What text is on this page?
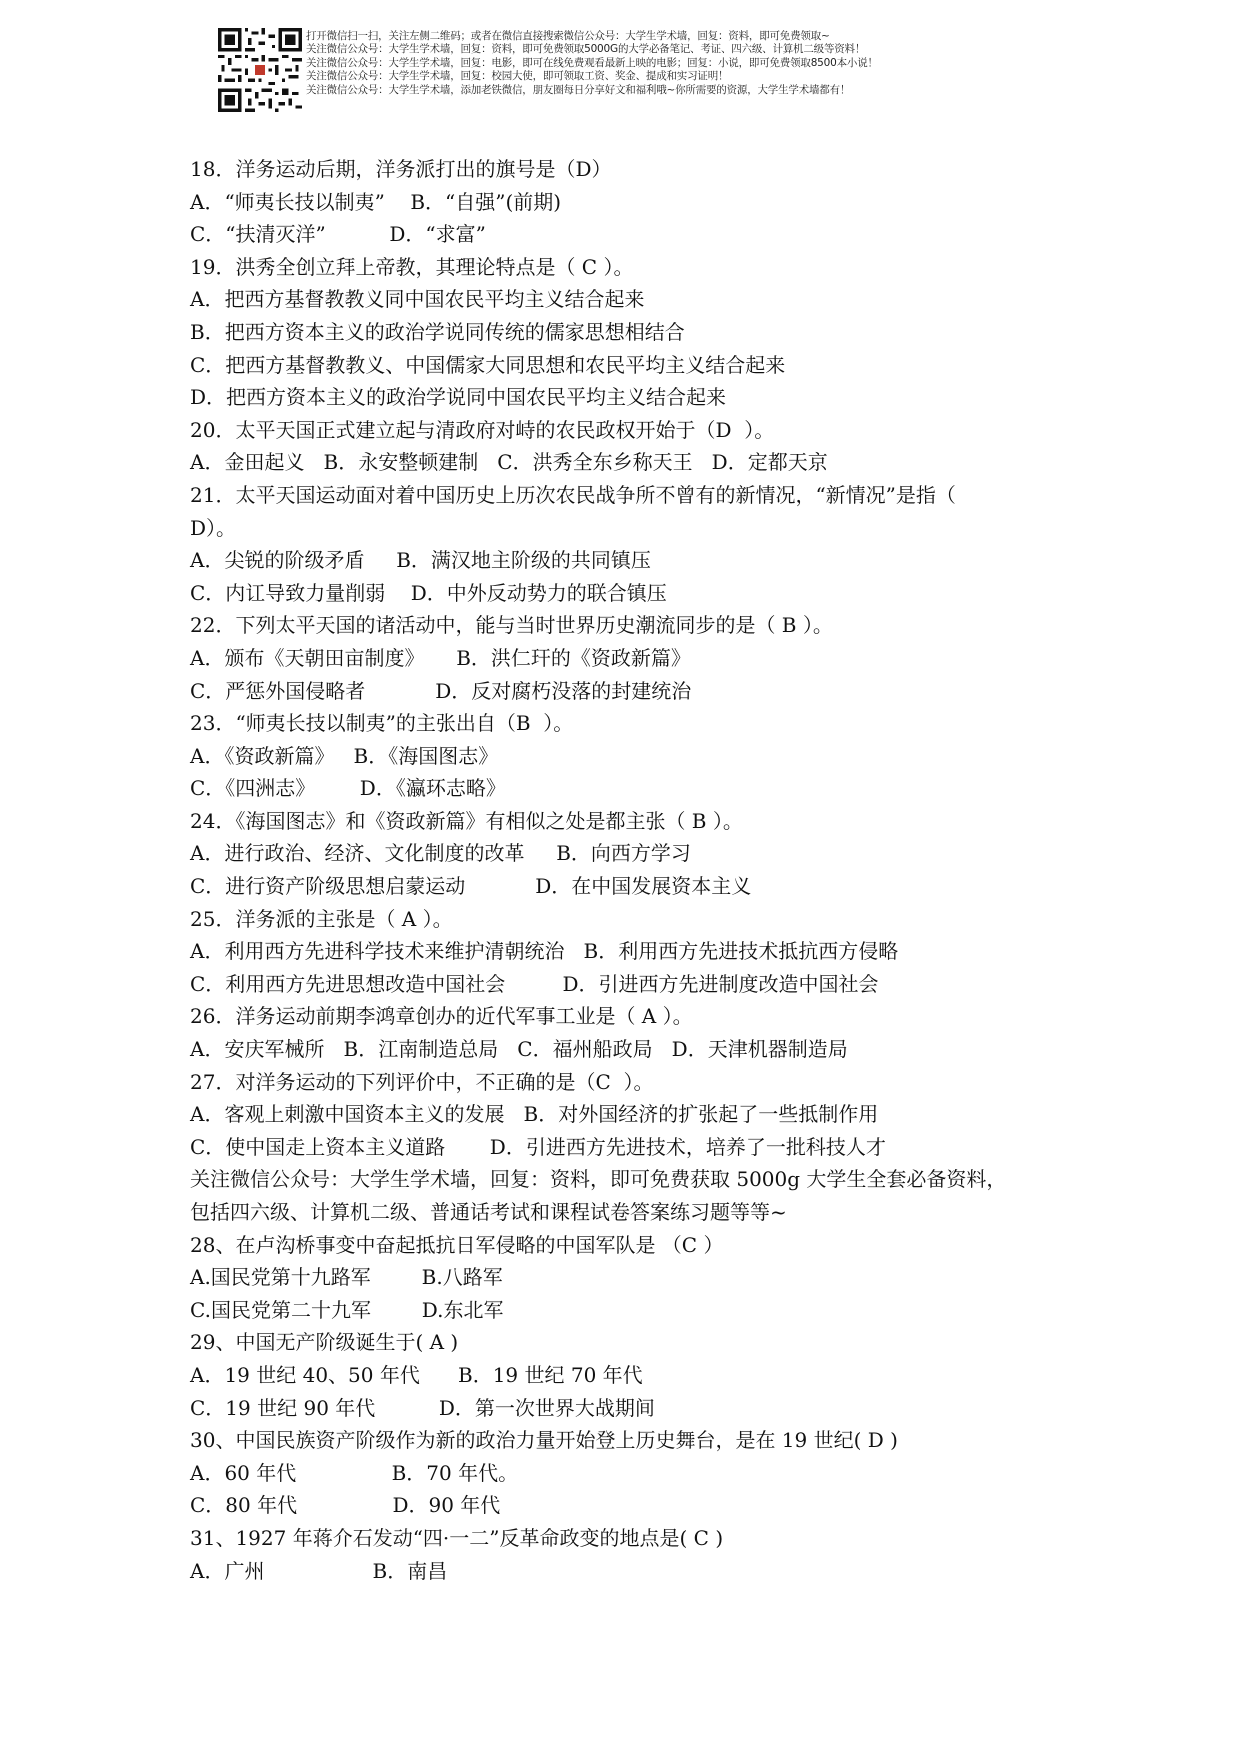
打开微信扫一扫，关注左侧二维码；或者在微信直接搜索微信公众号：大学生学术墙，回复：资料，即可免费领取~
关注微信公众号：大学生学术墙，回复：资料，即可免费领取5000G的大学必备笔记、考证、四六级、计算机二级等资料！
关注微信公众号：大学生学术墙，回复：电影，即可在线免费观看最新上映的电影；回复：小说，即可免费领取8500本小说！
关注微信公众号：大学生学术墙，回复：校园大使，即可领取工资、奖金、提成和实习证明！
关注微信公众号：大学生学术墙，添加老铁微信，朋友圈每日分享好文和福利哦~你所需要的资源，大学生学术墙都有！
18．洋务运动后期，洋务派打出的旗号是（D）
A．“师夷长技以制夷”    B．“自强”(前期)
C．“扶清灭洋”          D．“求富”
19．洪秀全创立拜上帝教，其理论特点是（ C ）。
A．把西方基督教教义同中国农民平均主义结合起来
B．把西方资本主义的政治学说同传统的儒家思想相结合
C．把西方基督教教义、中国儒家大同思想和农民平均主义结合起来
D．把西方资本主义的政治学说同中国农民平均主义结合起来
20．太平天国正式建立起与清政府对峙的农民政权开始于（D  ）。
A．金田起义   B．永安整顿建制   C．洪秀全东乡称天王   D．定都天京
21．太平天国运动面对着中国历史上历次农民战争所不曾有的新情况，“新情况”是指（
D）。
A．尖锐的阶级矛盾     B．满汉地主阶级的共同镇压
C．内讧导致力量削弱    D．中外反动势力的联合镇压
22．下列太平天国的诸活动中，能与当时世界历史潮流同步的是（ B ）。
A．颁布《天朝田亩制度》     B．洪仁玕的《资政新篇》
C．严惩外国侵略者           D．反对腐朽没落的封建统治
23．“师夷长技以制夷”的主张出自（B  ）。
A．《资政新篇》   B．《海国图志》
C．《四洲志》       D．《瀛环志略》
24．《海国图志》和《资政新篇》有相似之处是都主张（ B ）。
A．进行政治、经济、文化制度的改革     B．向西方学习
C．进行资产阶级思想启蒙运动           D．在中国发展资本主义
25．洋务派的主张是（ A ）。
A．利用西方先进科学技术来维护清朝统治   B．利用西方先进技术抵抗西方侵略
C．利用西方先进思想改造中国社会         D．引进西方先进制度改造中国社会
26．洋务运动前期李鸿章创办的近代军事工业是（ A ）。
A．安庆军械所   B．江南制造总局   C．福州船政局   D．天津机器制造局
27．对洋务运动的下列评价中，不正确的是（C  ）。
A．客观上刺激中国资本主义的发展   B．对外国经济的扩张起了一些抵制作用
C．使中国走上资本主义道路       D．引进西方先进技术，培养了一批科技人才
关注微信公众号：大学生学术墙，回复：资料，即可免费获取 5000g 大学生全套必备资料，
包括四六级、计算机二级、普通话考试和课程试卷答案练习题等等~
28、在卢沟桥事变中奋起抵抗日军侵略的中国军队是 （C ）
A.国民党第十九路军        B.八路军
C.国民党第二十九军        D.东北军
29、中国无产阶级诞生于( A )
A．19 世纪 40、50 年代      B．19 世纪 70 年代
C．19 世纪 90 年代          D．第一次世界大战期间
30、中国民族资产阶级作为新的政治力量开始登上历史舞台，是在 19 世纪( D )
A．60 年代               B．70 年代。
C．80 年代               D．90 年代
31、1927 年蒋介石发动“四·一二”反革命政变的地点是( C )
A．广州                 B．南昌
